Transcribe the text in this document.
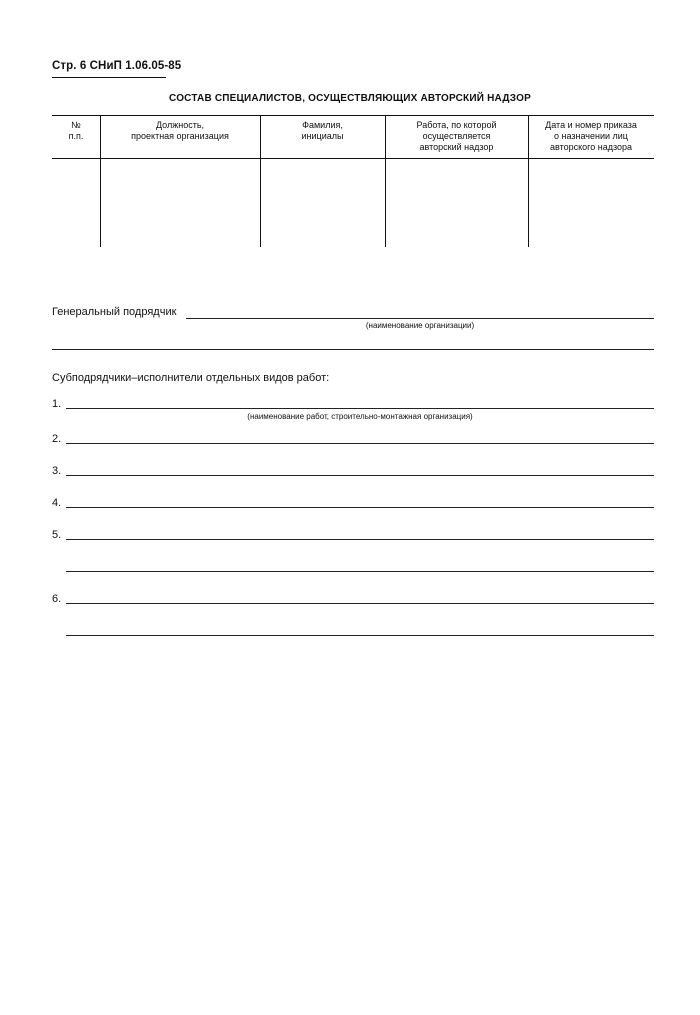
Стр. 6 СНиП 1.06.05-85
СОСТАВ СПЕЦИАЛИСТОВ, ОСУЩЕСТВЛЯЮЩИХ АВТОРСКИЙ НАДЗОР
№
п.п.
Должность,
проектная организация
Фамилия,
инициалы
Работа, по которой
осуществляется
авторский надзор
Дата и номер приказа
о назначении лиц
авторского надзора
Генеральный подрядчик
(наименование организации)
Субподрядчики–исполнители отдельных видов работ:
1.
(наименование работ, строительно-монтажная организация)
2.
3.
4.
5.
6.
